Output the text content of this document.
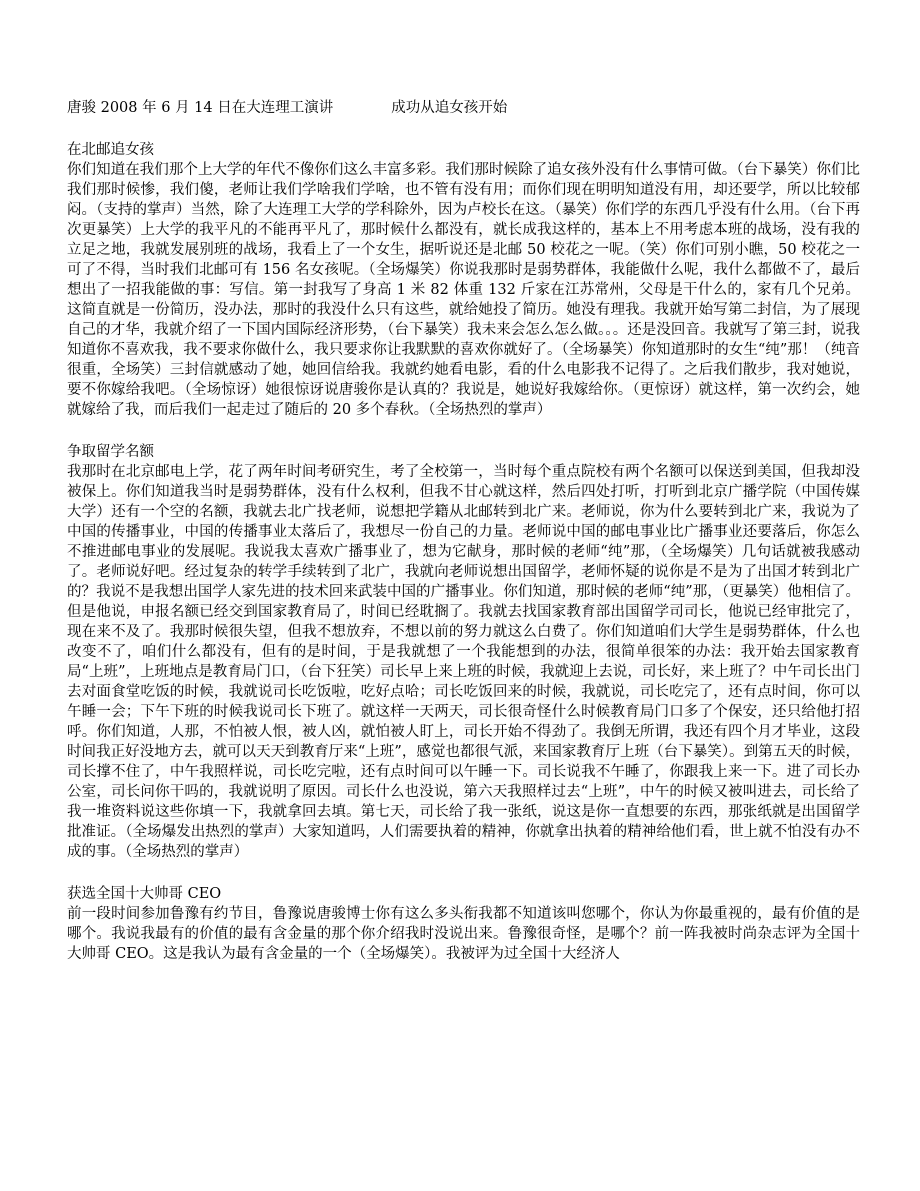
唐骏 2008 年 6 月 14 日在大连理工演讲	成功从追女孩开始
在北邮追女孩

你们知道在我们那个上大学的年代不像你们这么丰富多彩。我们那时候除了追女孩外没有什么事情可做。（台下暴笑）你们比我们那时候惨，我们傻，老师让我们学啥我们学啥，也不管有没有用；而你们现在明明知道没有用，却还要学，所以比较郁闷。（支持的掌声）当然，除了大连理工大学的学科除外，因为卢校长在这。（暴笑）你们学的东西几乎没有什么用。（台下再次更暴笑）上大学的我平凡的不能再平凡了，那时候什么都没有，就长成我这样的，基本上不用考虑本班的战场，没有我的立足之地，我就发展别班的战场，我看上了一个女生，据听说还是北邮 50 校花之一呢。（笑）你们可别小瞧，50 校花之一可了不得，当时我们北邮可有 156 名女孩呢。（全场爆笑）你说我那时是弱势群体，我能做什么呢，我什么都做不了，最后想出了一招我能做的事：写信。第一封我写了身高 1 米 82 体重 132 斤家在江苏常州，父母是干什么的，家有几个兄弟。这简直就是一份简历，没办法，那时的我没什么只有这些，就给她投了简历。她没有理我。我就开始写第二封信，为了展现自己的才华，我就介绍了一下国内国际经济形势，（台下暴笑）我未来会怎么怎么做。。。还是没回音。我就写了第三封，说我知道你不喜欢我，我不要求你做什么，我只要求你让我默默的喜欢你就好了。（全场暴笑）你知道那时的女生“纯”那！（纯音很重，全场笑）三封信就感动了她，她回信给我。我就约她看电影，看的什么电影我不记得了。之后我们散步，我对她说，要不你嫁给我吧。（全场惊讶）她很惊讶说唐骏你是认真的？我说是，她说好我嫁给你。（更惊讶）就这样，第一次约会，她就嫁给了我，而后我们一起走过了随后的 20 多个春秋。（全场热烈的掌声）

争取留学名额

我那时在北京邮电上学，花了两年时间考研究生，考了全校第一，当时每个重点院校有两个名额可以保送到美国，但我却没被保上。你们知道我当时是弱势群体，没有什么权利，但我不甘心就这样，然后四处打听，打听到北京广播学院（中国传媒大学）还有一个空的名额，我就去北广找老师，说想把学籍从北邮转到北广来。老师说，你为什么要转到北广来，我说为了中国的传播事业，中国的传播事业太落后了，我想尽一份自己的力量。老师说中国的邮电事业比广播事业还要落后，你怎么不推进邮电事业的发展呢。我说我太喜欢广播事业了，想为它献身，那时候的老师“纯”那，（全场爆笑）几句话就被我感动了。老师说好吧。经过复杂的转学手续转到了北广，我就向老师说想出国留学，老师怀疑的说你是不是为了出国才转到北广的？我说不是我想出国学人家先进的技术回来武装中国的广播事业。你们知道，那时候的老师“纯”那，（更暴笑）他相信了。但是他说，申报名额已经交到国家教育局了，时间已经耽搁了。我就去找国家教育部出国留学司司长，他说已经审批完了，现在来不及了。我那时候很失望，但我不想放弃，不想以前的努力就这么白费了。你们知道咱们大学生是弱势群体，什么也改变不了，咱们什么都没有，但有的是时间，于是我就想了一个我能想到的办法，很简单很笨的办法：我开始去国家教育局“上班”，上班地点是教育局门口，（台下狂笑）司长早上来上班的时候，我就迎上去说，司长好，来上班了？中午司长出门去对面食堂吃饭的时候，我就说司长吃饭啦，吃好点哈；司长吃饭回来的时候，我就说，司长吃完了，还有点时间，你可以午睡一会；下午下班的时候我说司长下班了。就这样一天两天，司长很奇怪什么时候教育局门口多了个保安，还只给他打招呼。你们知道，人那，不怕被人恨，被人凶，就怕被人盯上，司长开始不得劲了。我倒无所谓，我还有四个月才毕业，这段时间我正好没地方去，就可以天天到教育厅来“上班”，感觉也都很气派，来国家教育厅上班（台下暴笑）。到第五天的时候，司长撑不住了，中午我照样说，司长吃完啦，还有点时间可以午睡一下。司长说我不午睡了，你跟我上来一下。进了司长办公室，司长问你干吗的，我就说明了原因。司长什么也没说，第六天我照样过去“上班”，中午的时候又被叫进去，司长给了我一堆资料说这些你填一下，我就拿回去填。第七天，司长给了我一张纸，说这是你一直想要的东西，那张纸就是出国留学批准证。（全场爆发出热烈的掌声）大家知道吗，人们需要执着的精神，你就拿出执着的精神给他们看，世上就不怕没有办不成的事。（全场热烈的掌声）

获选全国十大帅哥 CEO

前一段时间参加鲁豫有约节目，鲁豫说唐骏博士你有这么多头衔我都不知道该叫您哪个，你认为你最重视的，最有价值的是哪个。我说我最有的价值的最有含金量的那个你介绍我时没说出来。鲁豫很奇怪，是哪个？前一阵我被时尚杂志评为全国十大帅哥 CEO。这是我认为最有含金量的一个（全场爆笑）。我被评为过全国十大经济人
